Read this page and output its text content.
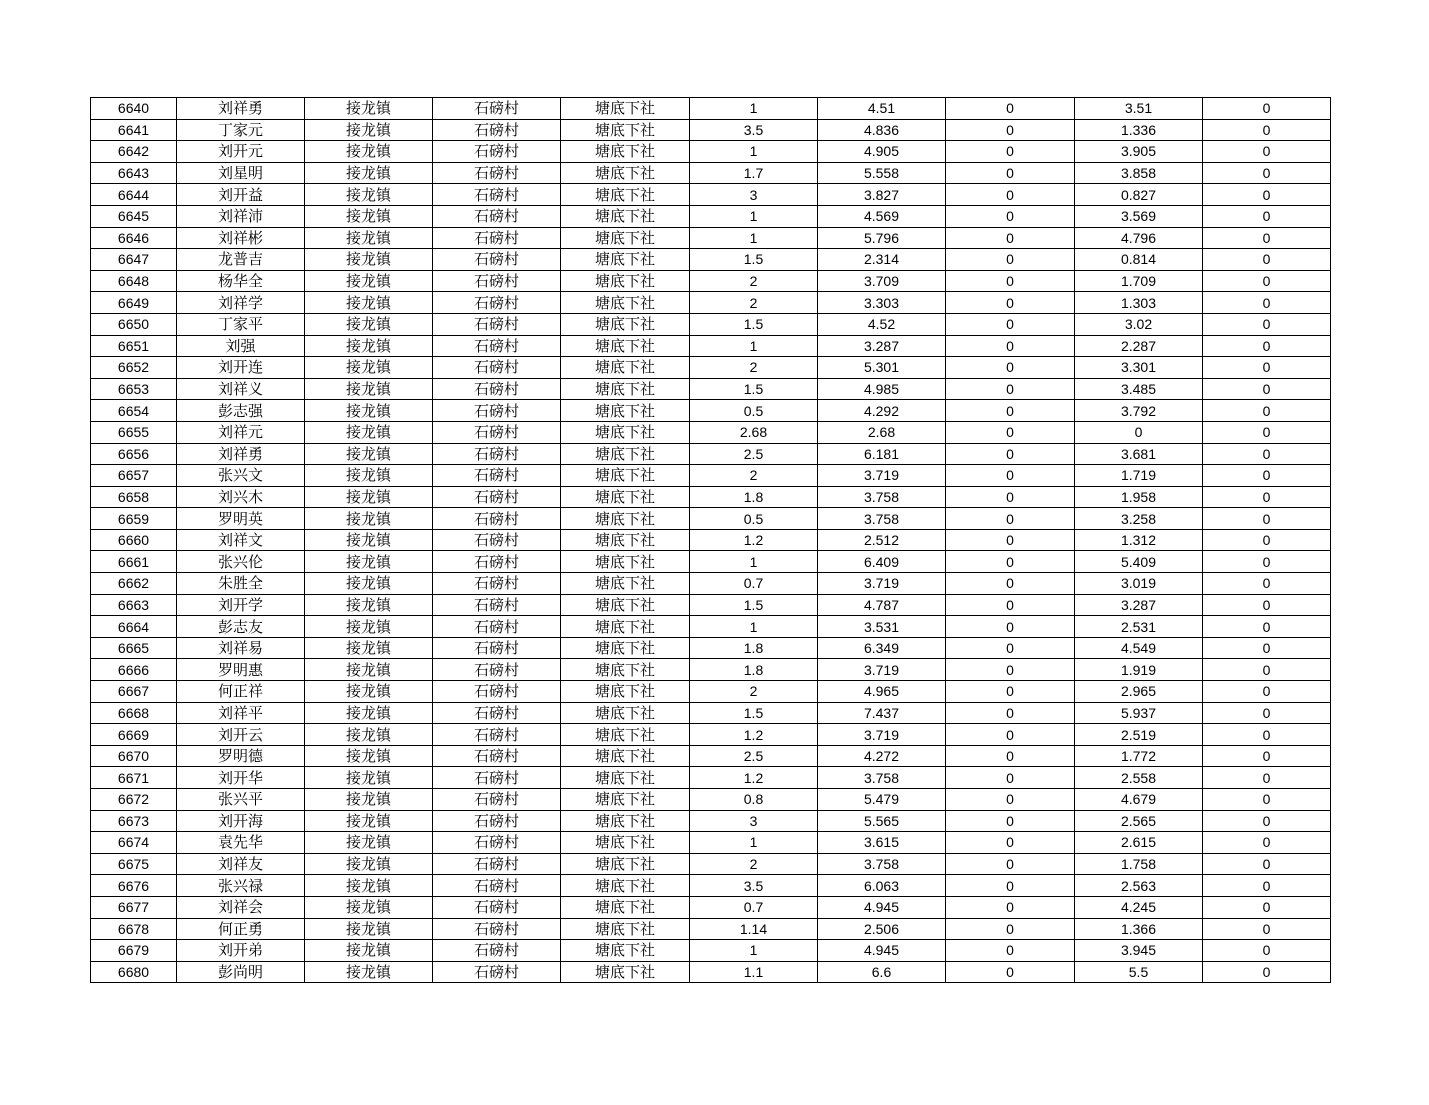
6640	刘祥勇	接龙镇	石磅村	塘底下社	1	4.51	0	3.51	0
6641	丁家元	接龙镇	石磅村	塘底下社	3.5	4.836	0	1.336	0
6642	刘开元	接龙镇	石磅村	塘底下社	1	4.905	0	3.905	0
6643	刘星明	接龙镇	石磅村	塘底下社	1.7	5.558	0	3.858	0
6644	刘开益	接龙镇	石磅村	塘底下社	3	3.827	0	0.827	0
6645	刘祥沛	接龙镇	石磅村	塘底下社	1	4.569	0	3.569	0
6646	刘祥彬	接龙镇	石磅村	塘底下社	1	5.796	0	4.796	0
6647	龙普吉	接龙镇	石磅村	塘底下社	1.5	2.314	0	0.814	0
6648	杨华全	接龙镇	石磅村	塘底下社	2	3.709	0	1.709	0
6649	刘祥学	接龙镇	石磅村	塘底下社	2	3.303	0	1.303	0
6650	丁家平	接龙镇	石磅村	塘底下社	1.5	4.52	0	3.02	0
6651	刘强	接龙镇	石磅村	塘底下社	1	3.287	0	2.287	0
6652	刘开连	接龙镇	石磅村	塘底下社	2	5.301	0	3.301	0
6653	刘祥义	接龙镇	石磅村	塘底下社	1.5	4.985	0	3.485	0
6654	彭志强	接龙镇	石磅村	塘底下社	0.5	4.292	0	3.792	0
6655	刘祥元	接龙镇	石磅村	塘底下社	2.68	2.68	0	0	0
6656	刘祥勇	接龙镇	石磅村	塘底下社	2.5	6.181	0	3.681	0
6657	张兴文	接龙镇	石磅村	塘底下社	2	3.719	0	1.719	0
6658	刘兴木	接龙镇	石磅村	塘底下社	1.8	3.758	0	1.958	0
6659	罗明英	接龙镇	石磅村	塘底下社	0.5	3.758	0	3.258	0
6660	刘祥文	接龙镇	石磅村	塘底下社	1.2	2.512	0	1.312	0
6661	张兴伦	接龙镇	石磅村	塘底下社	1	6.409	0	5.409	0
6662	朱胜全	接龙镇	石磅村	塘底下社	0.7	3.719	0	3.019	0
6663	刘开学	接龙镇	石磅村	塘底下社	1.5	4.787	0	3.287	0
6664	彭志友	接龙镇	石磅村	塘底下社	1	3.531	0	2.531	0
6665	刘祥易	接龙镇	石磅村	塘底下社	1.8	6.349	0	4.549	0
6666	罗明惠	接龙镇	石磅村	塘底下社	1.8	3.719	0	1.919	0
6667	何正祥	接龙镇	石磅村	塘底下社	2	4.965	0	2.965	0
6668	刘祥平	接龙镇	石磅村	塘底下社	1.5	7.437	0	5.937	0
6669	刘开云	接龙镇	石磅村	塘底下社	1.2	3.719	0	2.519	0
6670	罗明德	接龙镇	石磅村	塘底下社	2.5	4.272	0	1.772	0
6671	刘开华	接龙镇	石磅村	塘底下社	1.2	3.758	0	2.558	0
6672	张兴平	接龙镇	石磅村	塘底下社	0.8	5.479	0	4.679	0
6673	刘开海	接龙镇	石磅村	塘底下社	3	5.565	0	2.565	0
6674	袁先华	接龙镇	石磅村	塘底下社	1	3.615	0	2.615	0
6675	刘祥友	接龙镇	石磅村	塘底下社	2	3.758	0	1.758	0
6676	张兴禄	接龙镇	石磅村	塘底下社	3.5	6.063	0	2.563	0
6677	刘祥会	接龙镇	石磅村	塘底下社	0.7	4.945	0	4.245	0
6678	何正勇	接龙镇	石磅村	塘底下社	1.14	2.506	0	1.366	0
6679	刘开弟	接龙镇	石磅村	塘底下社	1	4.945	0	3.945	0
6680	彭尚明	接龙镇	石磅村	塘底下社	1.1	6.6	0	5.5	0
